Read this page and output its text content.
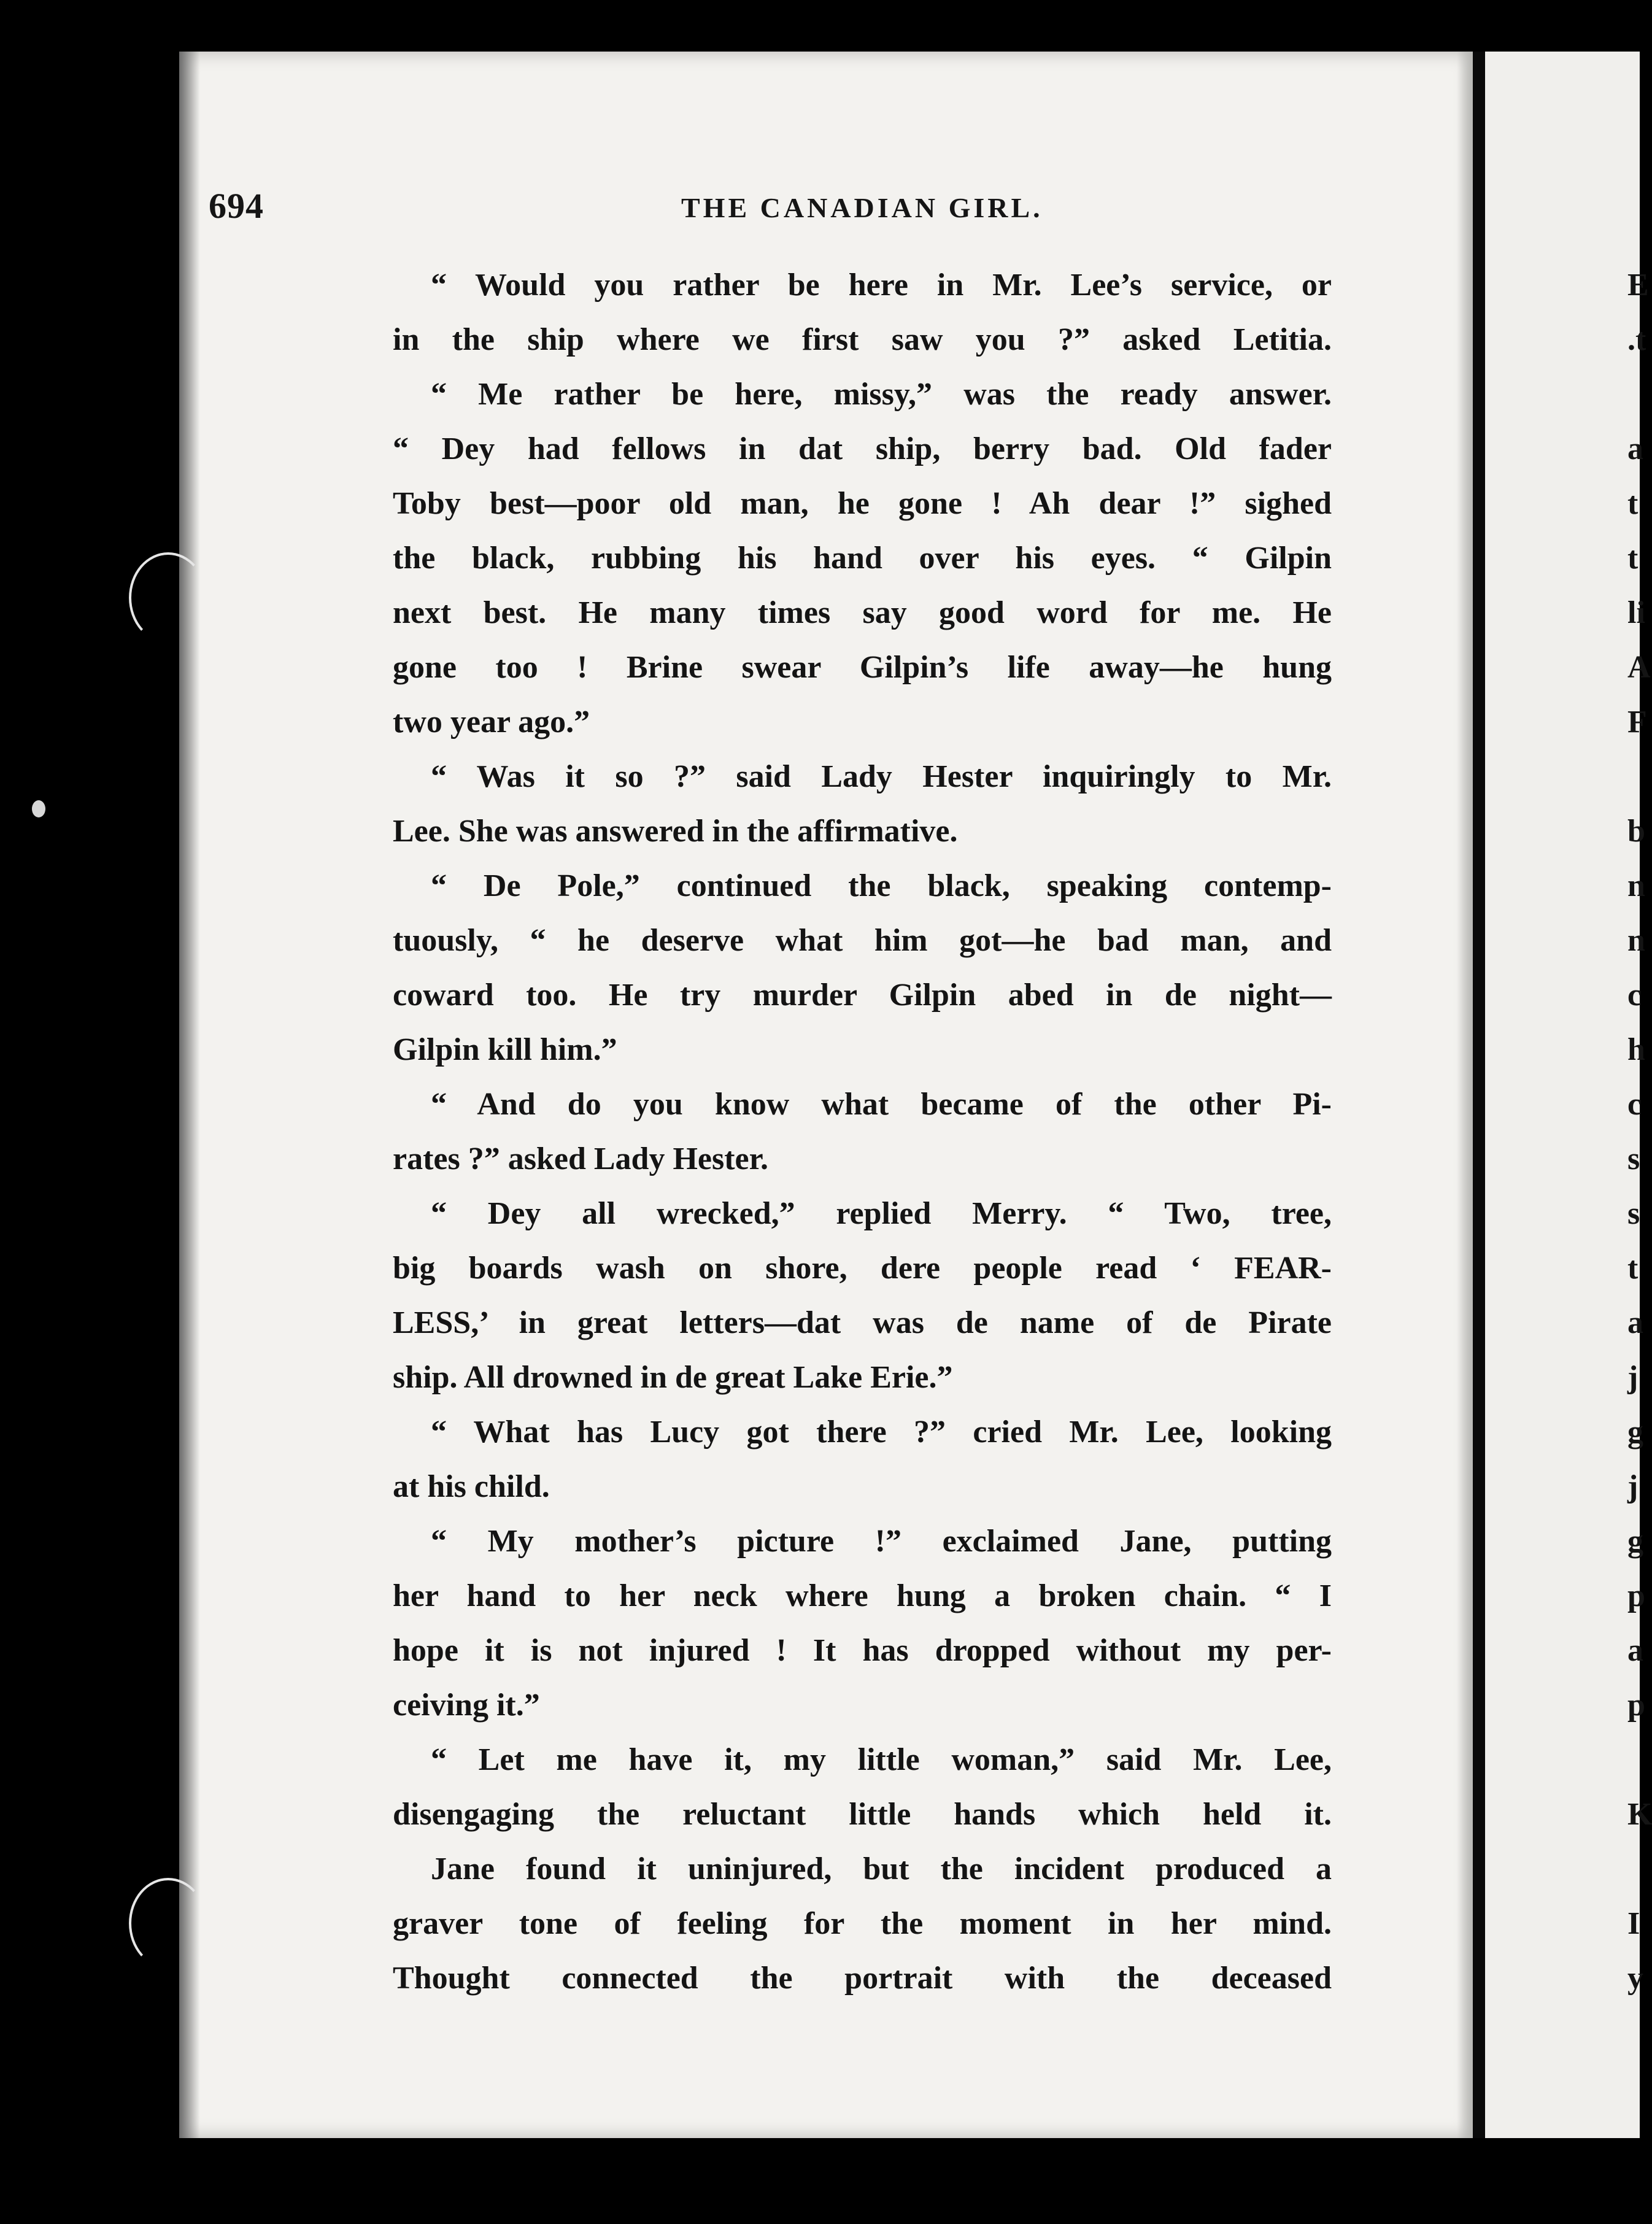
694	THE CANADIAN GIRL.
“ Would you rather be here in Mr. Lee’s service, or
in the ship where we first saw you ?” asked Letitia.
“ Me rather be here, missy,” was the ready answer.
“ Dey had fellows in dat ship, berry bad. Old fader
Toby best—poor old man, he gone ! Ah dear !” sighed
the black, rubbing his hand over his eyes. “ Gilpin
next best. He many times say good word for me. He
gone too ! Brine swear Gilpin’s life away—he hung
two year ago.”
“ Was it so ?” said Lady Hester inquiringly to Mr.
Lee. She was answered in the affirmative.
“ De Pole,” continued the black, speaking contemp-
tuously, “ he deserve what him got—he bad man, and
coward too. He try murder Gilpin abed in de night—
Gilpin kill him.”
“ And do you know what became of the other Pi-
rates ?” asked Lady Hester.
“ Dey all wrecked,” replied Merry. “ Two, tree,
big boards wash on shore, dere people read ‘ FEAR-
LESS,’ in great letters—dat was de name of de Pirate
ship. All drowned in de great Lake Erie.”
“ What has Lucy got there ?” cried Mr. Lee, looking
at his child.
“ My mother’s picture !” exclaimed Jane, putting
her hand to her neck where hung a broken chain. “ I
hope it is not injured ! It has dropped without my per-
ceiving it.”
“ Let me have it, my little woman,” said Mr. Lee,
disengaging the reluctant little hands which held it.
Jane found it uninjured, but the incident produced a
graver tone of feeling for the moment in her mind.
Thought connected the portrait with the deceased
E
.t
a
t
t
li
A
F
b
n
n
c
h
c
s
s
t
a
j
g
j
g
p
a
p
K
I
y
